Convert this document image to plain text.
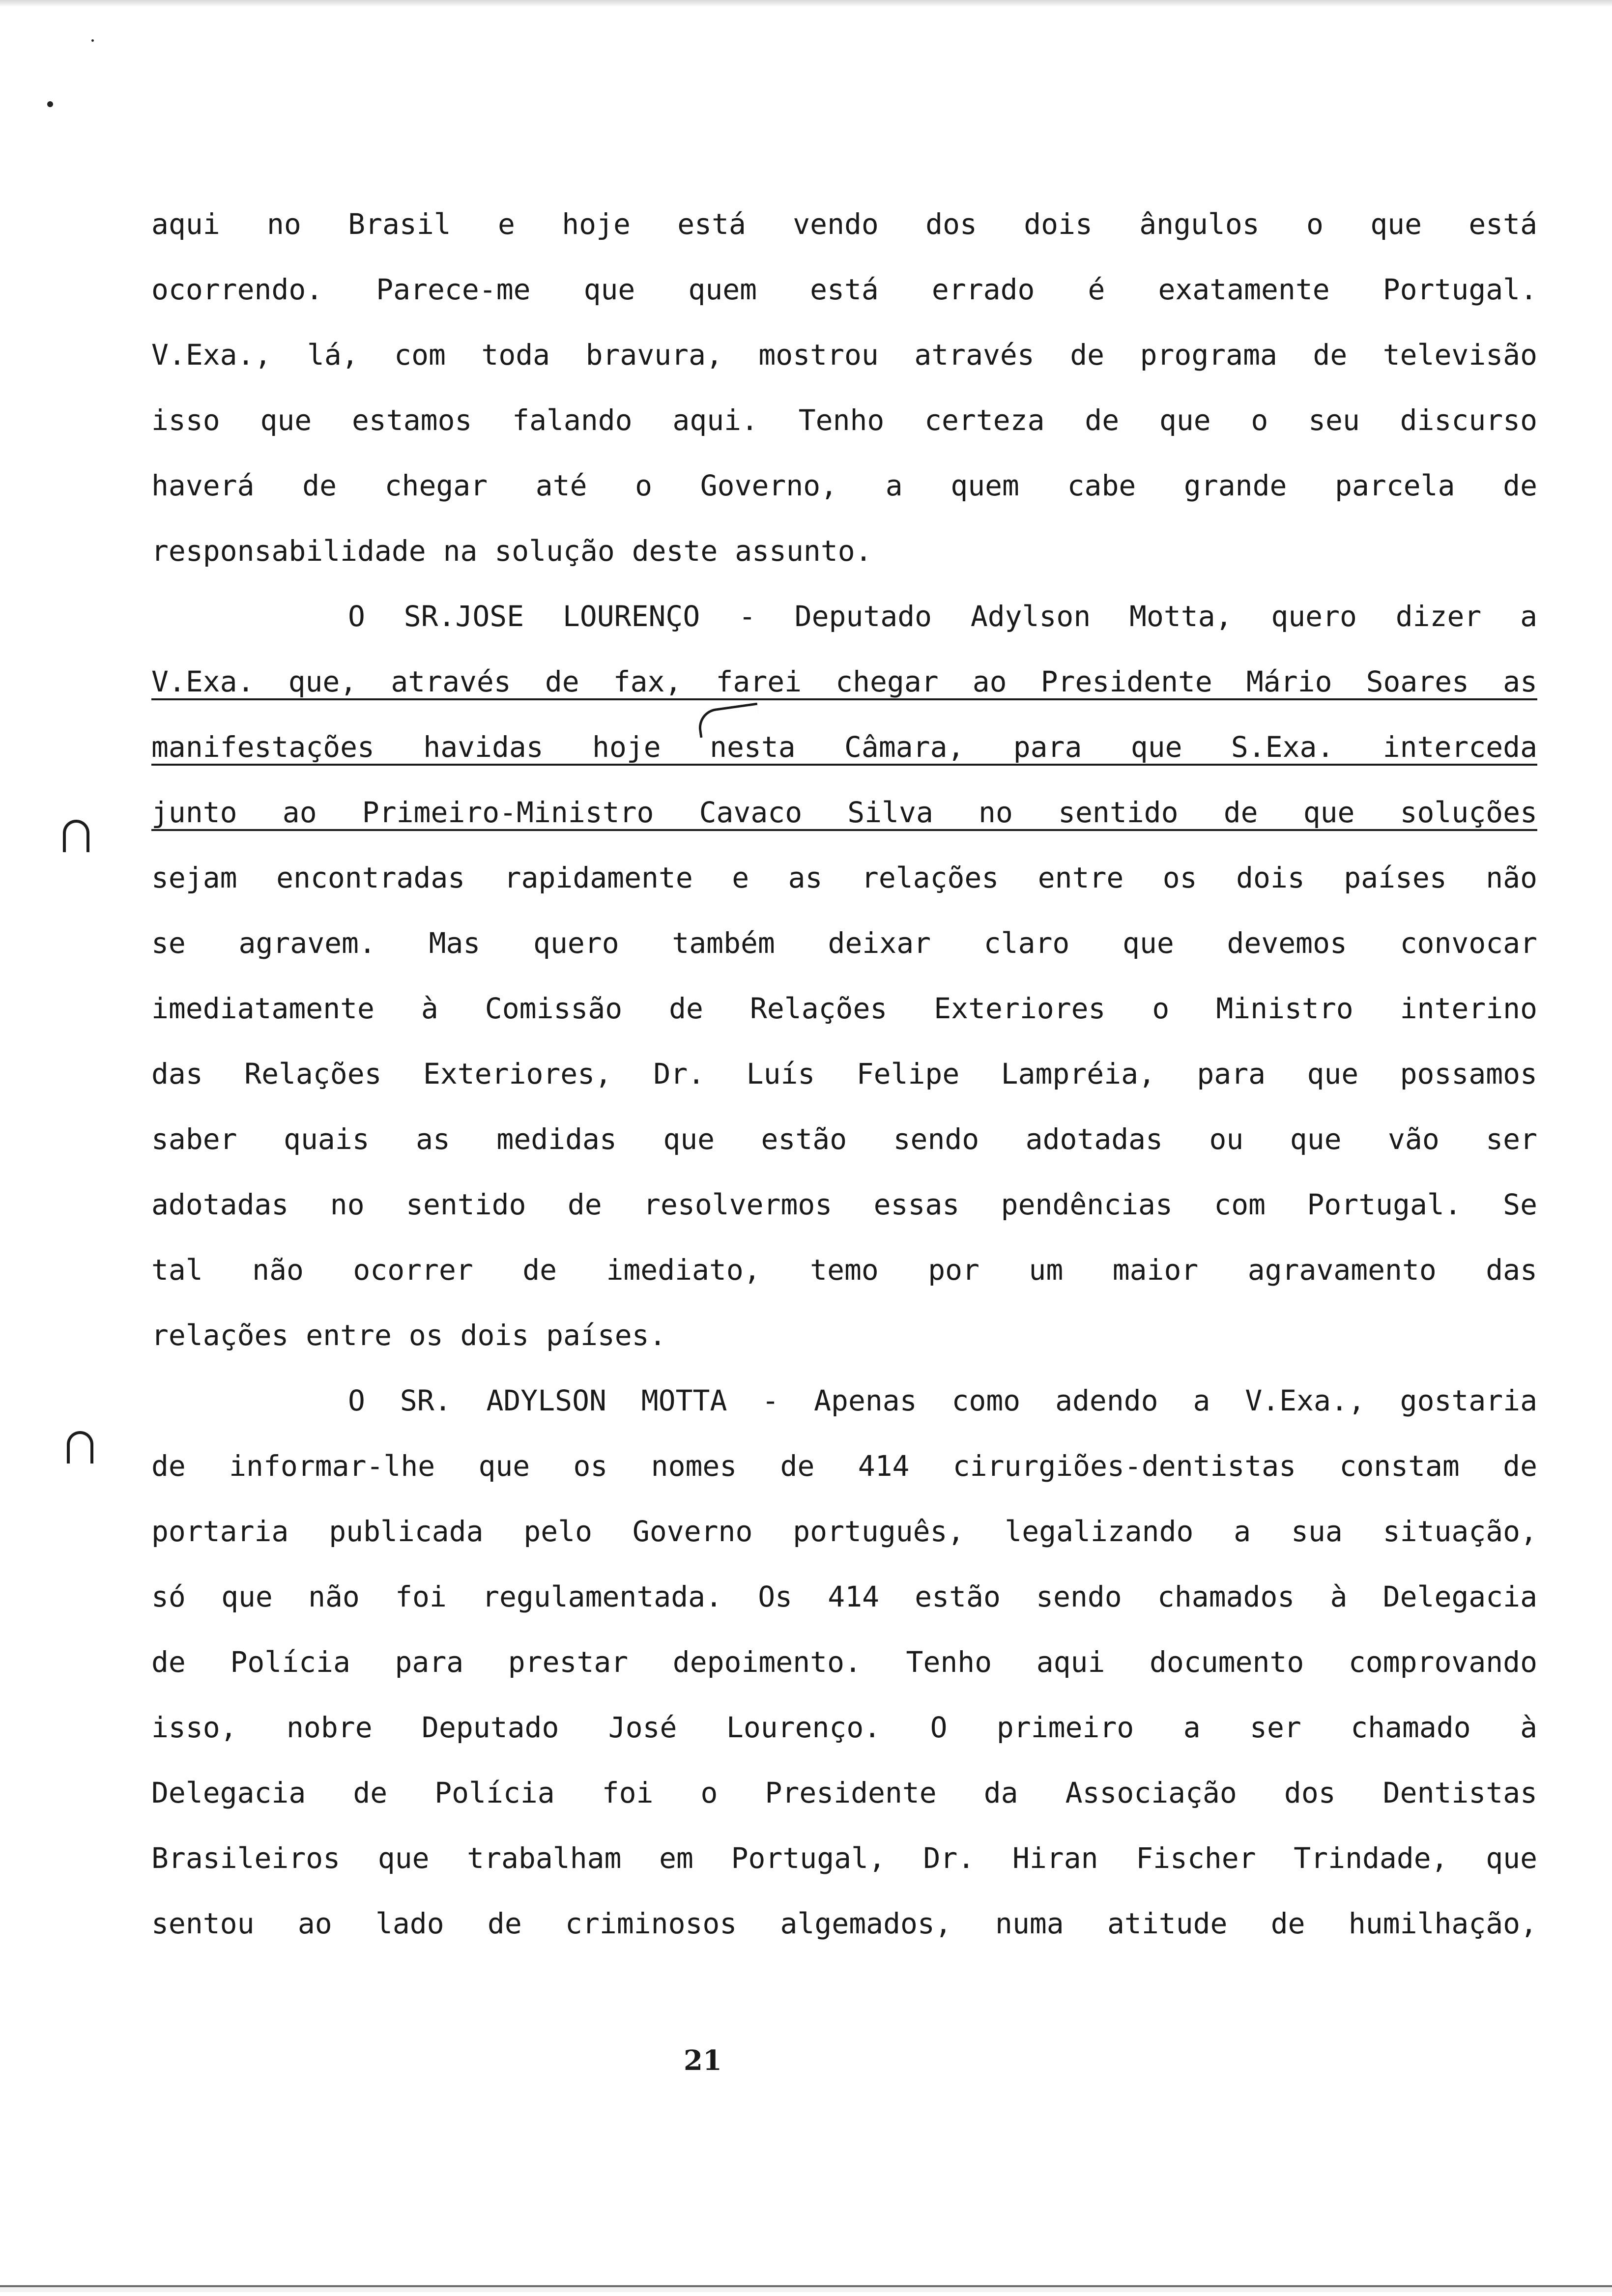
aqui no Brasil e hoje está vendo dos dois ângulos o que está
ocorrendo. Parece-me que quem está errado é exatamente Portugal.
V.Exa., lá, com toda bravura, mostrou através de programa de televisão
isso que estamos falando aqui. Tenho certeza de que o seu discurso
haverá de chegar até o Governo, a quem cabe grande parcela de
responsabilidade na solução deste assunto.
O SR.JOSE LOURENÇO - Deputado Adylson Motta, quero dizer a
V.Exa. que, através de fax, farei chegar ao Presidente Mário Soares as
manifestações havidas hoje nesta Câmara, para que S.Exa. interceda
junto ao Primeiro-Ministro Cavaco Silva no sentido de que soluções
sejam encontradas rapidamente e as relações entre os dois países não
se agravem. Mas quero também deixar claro que devemos convocar
imediatamente à Comissão de Relações Exteriores o Ministro interino
das Relações Exteriores, Dr. Luís Felipe Lampréia, para que possamos
saber quais as medidas que estão sendo adotadas ou que vão ser
adotadas no sentido de resolvermos essas pendências com Portugal. Se
tal não ocorrer de imediato, temo por um maior agravamento das
relações entre os dois países.
O SR. ADYLSON MOTTA - Apenas como adendo a V.Exa., gostaria
de informar-lhe que os nomes de 414 cirurgiões-dentistas constam de
portaria publicada pelo Governo português, legalizando a sua situação,
só que não foi regulamentada. Os 414 estão sendo chamados à Delegacia
de Polícia para prestar depoimento. Tenho aqui documento comprovando
isso, nobre Deputado José Lourenço. O primeiro a ser chamado à
Delegacia de Polícia foi o Presidente da Associação dos Dentistas
Brasileiros que trabalham em Portugal, Dr. Hiran Fischer Trindade, que
sentou ao lado de criminosos algemados, numa atitude de humilhação,
21
